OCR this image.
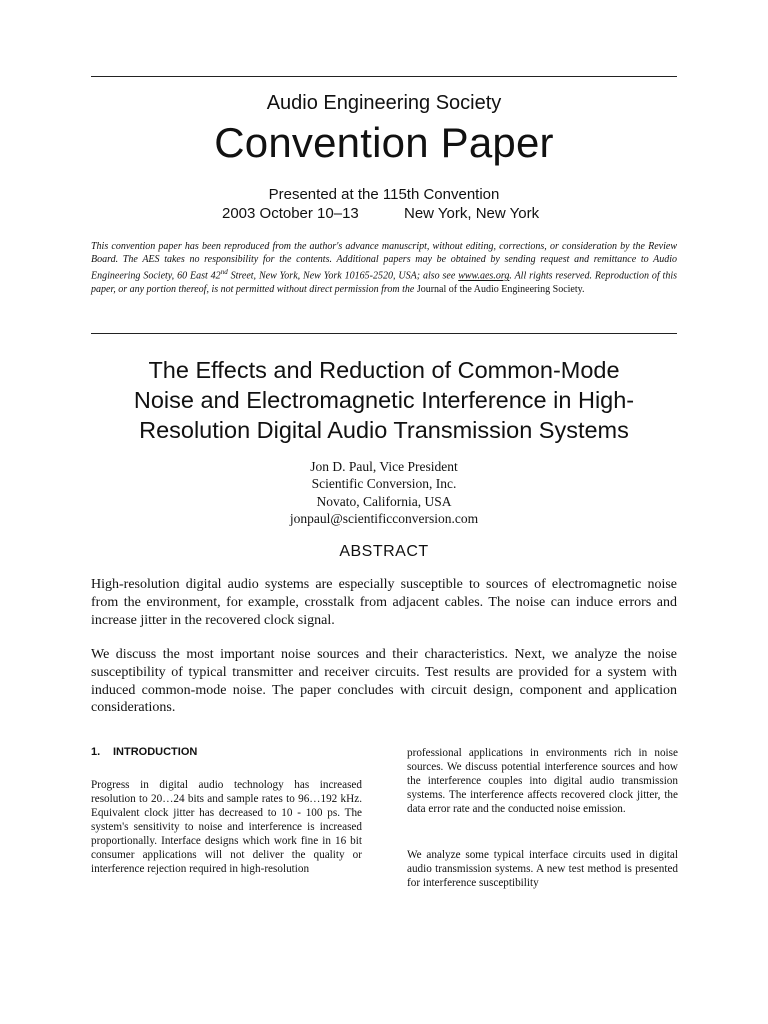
Audio Engineering Society
Convention Paper
Presented at the 115th Convention
2003 October 10–13	New York, New York
This convention paper has been reproduced from the author's advance manuscript, without editing, corrections, or consideration by the Review Board. The AES takes no responsibility for the contents. Additional papers may be obtained by sending request and remittance to Audio Engineering Society, 60 East 42nd Street, New York, New York 10165-2520, USA; also see www.aes.org. All rights reserved. Reproduction of this paper, or any portion thereof, is not permitted without direct permission from the Journal of the Audio Engineering Society.
The Effects and Reduction of Common-Mode
Noise and Electromagnetic Interference in High-
Resolution Digital Audio Transmission Systems
Jon D. Paul, Vice President
Scientific Conversion, Inc.
Novato, California, USA
jonpaul@scientificconversion.com
ABSTRACT

High-resolution digital audio systems are especially susceptible to sources of electromagnetic noise from the environment, for example, crosstalk from adjacent cables. The noise can induce errors and increase jitter in the recovered clock signal.

We discuss the most important noise sources and their characteristics. Next, we analyze the noise susceptibility of typical transmitter and receiver circuits. Test results are provided for a system with induced common-mode noise. The paper concludes with circuit design, component and application considerations.

1. INTRODUCTION

Progress in digital audio technology has increased resolution to 20…24 bits and sample rates to 96…192 kHz. Equivalent clock jitter has decreased to 10 - 100 ps. The system's sensitivity to noise and interference is increased proportionally. Interface designs which work fine in 16 bit consumer applications will not deliver the quality or interference rejection required in high-resolution

professional applications in environments rich in noise sources. We discuss potential interference sources and how the interference couples into digital audio transmission systems. The interference affects recovered clock jitter, the data error rate and the conducted noise emission.

We analyze some typical interface circuits used in digital audio transmission systems. A new test method is presented for interference susceptibility
